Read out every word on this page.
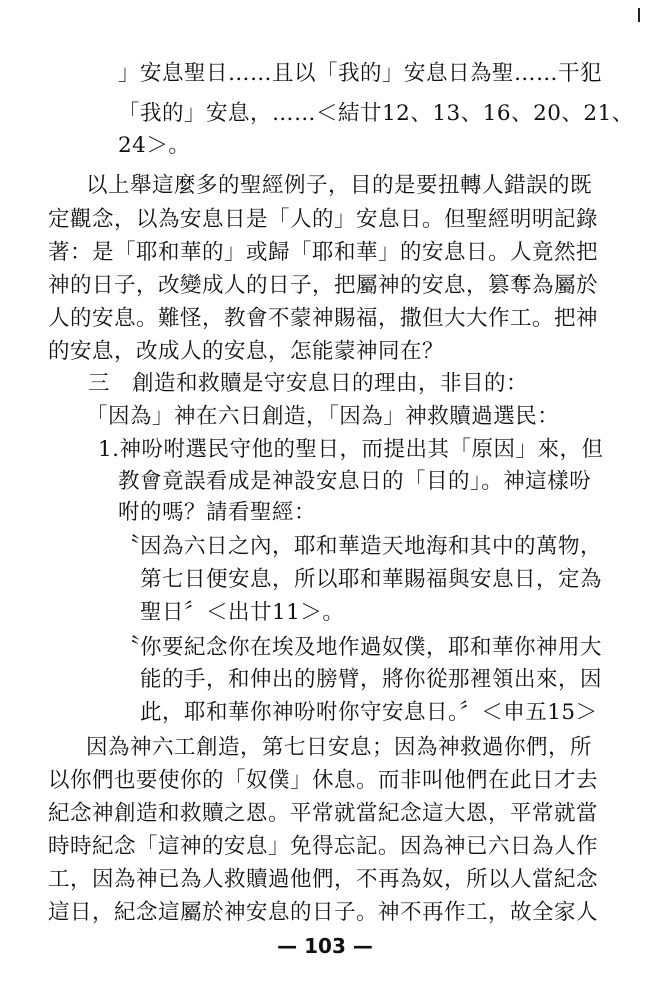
」安息聖日……且以「我的」安息日為聖……干犯
「我的」安息，……＜結廿12、13、16、20、21、
24＞。
以上舉這麼多的聖經例子，目的是要扭轉人錯誤的既
定觀念，以為安息日是「人的」安息日。但聖經明明記錄
著：是「耶和華的」或歸「耶和華」的安息日。人竟然把
神的日子，改變成人的日子，把屬神的安息，篡奪為屬於
人的安息。難怪，教會不蒙神賜福，撒但大大作工。把神
的安息，改成人的安息，怎能蒙神同在？
三　創造和救贖是守安息日的理由，非目的：
「因為」神在六日創造，「因為」神救贖過選民：
1.神吩咐選民守他的聖日，而提出其「原因」來，但
教會竟誤看成是神設安息日的「目的」。神這樣吩
咐的嗎？請看聖經：
〝因為六日之內，耶和華造天地海和其中的萬物，
第七日便安息，所以耶和華賜福與安息日，定為
聖日〞＜出廿11＞。
〝你要紀念你在埃及地作過奴僕，耶和華你神用大
能的手，和伸出的膀臂，將你從那裡領出來，因
此，耶和華你神吩咐你守安息日。〞＜申五15＞
因為神六工創造，第七日安息；因為神救過你們，所
以你們也要使你的「奴僕」休息。而非叫他們在此日才去
紀念神創造和救贖之恩。平常就當紀念這大恩，平常就當
時時紀念「這神的安息」免得忘記。因為神已六日為人作
工，因為神已為人救贖過他們，不再為奴，所以人當紀念
這日，紀念這屬於神安息的日子。神不再作工，故全家人
— 103 —
